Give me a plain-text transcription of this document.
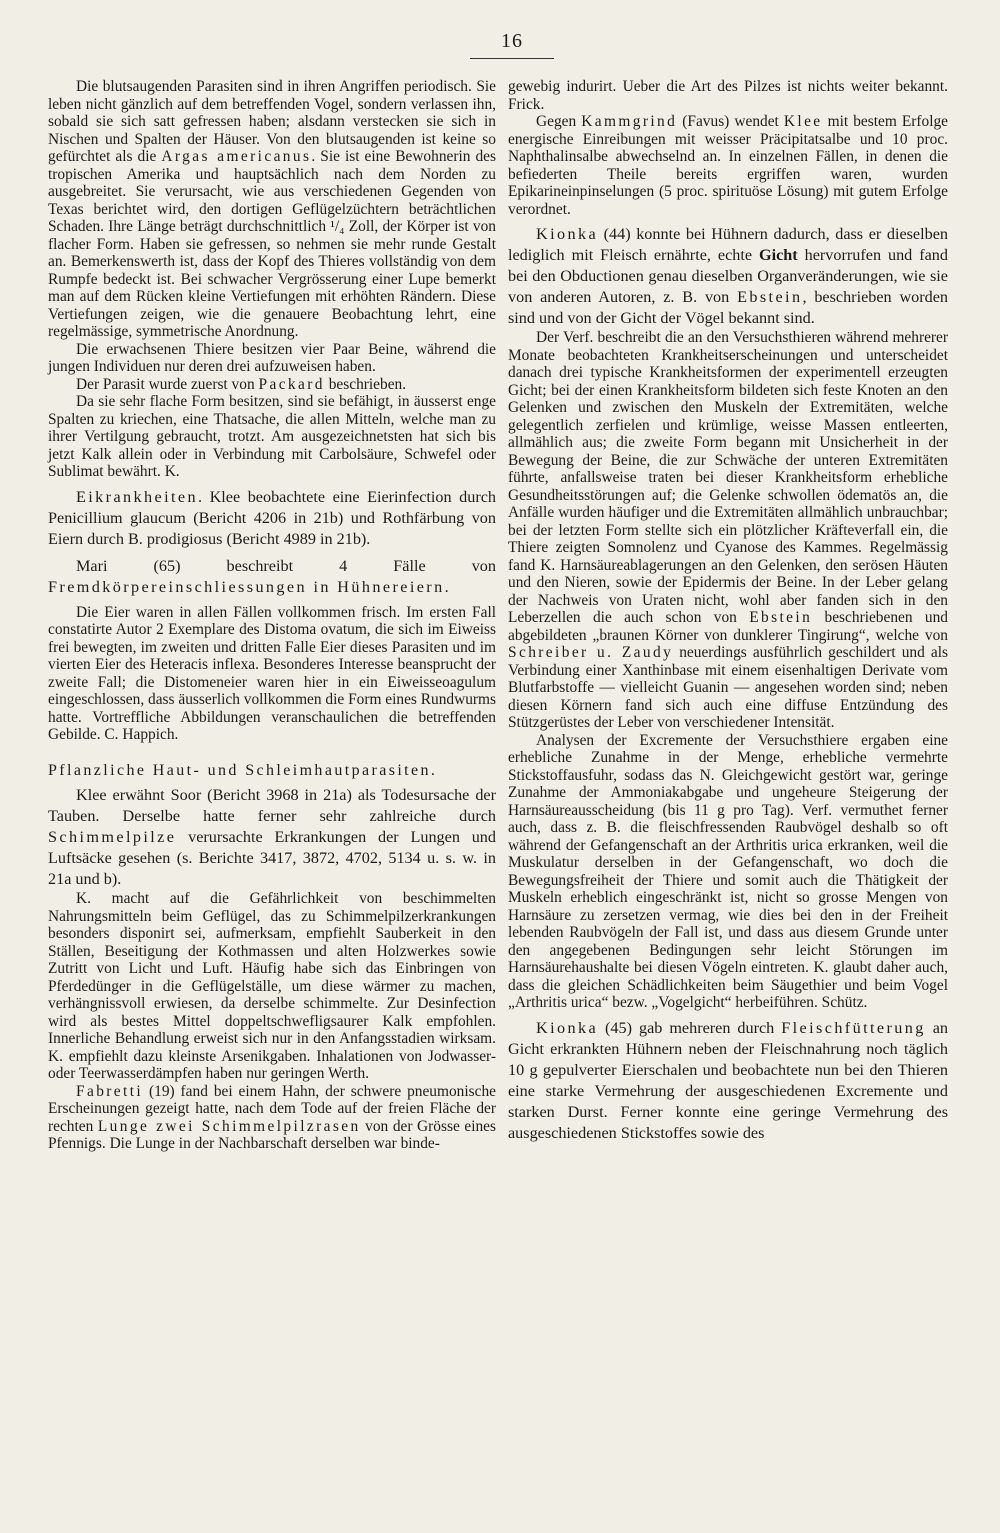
16

Die blutsaugenden Parasiten sind in ihren Angriffen periodisch. Sie leben nicht gänzlich auf dem betreffenden Vogel, sondern verlassen ihn, sobald sie sich satt gefressen haben; alsdann verstecken sie sich in Nischen und Spalten der Häuser. Von den blutsaugenden ist keine so gefürchtet als die Argas americanus. Sie ist eine Bewohnerin des tropischen Amerika und hauptsächlich nach dem Norden zu ausgebreitet. Sie verursacht, wie aus verschiedenen Gegenden von Texas berichtet wird, den dortigen Geflügelzüchtern beträchtlichen Schaden. Ihre Länge beträgt durchschnittlich ¹/₄ Zoll, der Körper ist von flacher Form. Haben sie gefressen, so nehmen sie mehr runde Gestalt an. Bemerkenswerth ist, dass der Kopf des Thieres vollständig von dem Rumpfe bedeckt ist. Bei schwacher Vergrösserung einer Lupe bemerkt man auf dem Rücken kleine Vertiefungen mit erhöhten Rändern. Diese Vertiefungen zeigen, wie die genauere Beobachtung lehrt, eine regelmässige, symmetrische Anordnung.

Die erwachsenen Thiere besitzen vier Paar Beine, während die jungen Individuen nur deren drei aufzuweisen haben.

Der Parasit wurde zuerst von Packard beschrieben.

Da sie sehr flache Form besitzen, sind sie befähigt, in äusserst enge Spalten zu kriechen, eine Thatsache, die allen Mitteln, welche man zu ihrer Vertilgung gebraucht, trotzt. Am ausgezeichnetsten hat sich bis jetzt Kalk allein oder in Verbindung mit Carbolsäure, Schwefel oder Sublimat bewährt. K.

Eikrankheiten. Klee beobachtete eine Eierinfection durch Penicillium glaucum (Bericht 4206 in 21b) und Rothfärbung von Eiern durch B. prodigiosus (Bericht 4989 in 21b).

Mari (65) beschreibt 4 Fälle von Fremdkörpereinschliessungen in Hühnereiern.

Die Eier waren in allen Fällen vollkommen frisch. Im ersten Fall constatirte Autor 2 Exemplare des Distoma ovatum, die sich im Eiweiss frei bewegten, im zweiten und dritten Falle Eier dieses Parasiten und im vierten Eier des Heteracis inflexa. Besonderes Interesse beansprucht der zweite Fall; die Distomeneier waren hier in ein Eiweisseoagulum eingeschlossen, dass äusserlich vollkommen die Form eines Rundwurms hatte. Vortreffliche Abbildungen veranschaulichen die betreffenden Gebilde. C. Happich.

Pflanzliche Haut- und Schleimhautparasiten.

Klee erwähnt Soor (Bericht 3968 in 21a) als Todesursache der Tauben. Derselbe hatte ferner sehr zahlreiche durch Schimmelpilze verursachte Erkrankungen der Lungen und Luftsäcke gesehen (s. Berichte 3417, 3872, 4702, 5134 u. s. w. in 21a und b).

K. macht auf die Gefährlichkeit von beschimmelten Nahrungsmitteln beim Geflügel, das zu Schimmelpilzerkrankungen besonders disponirt sei, aufmerksam, empfiehlt Sauberkeit in den Ställen, Beseitigung der Kothmassen und alten Holzwerkes sowie Zutritt von Licht und Luft. Häufig habe sich das Einbringen von Pferdedünger in die Geflügelställe, um diese wärmer zu machen, verhängnissvoll erwiesen, da derselbe schimmelte. Zur Desinfection wird als bestes Mittel doppeltschwefligsaurer Kalk empfohlen. Innerliche Behandlung erweist sich nur in den Anfangsstadien wirksam. K. empfiehlt dazu kleinste Arsenikgaben. Inhalationen von Jodwasser- oder Teerwasserdämpfen haben nur geringen Werth.

Fabretti (19) fand bei einem Hahn, der schwere pneumonische Erscheinungen gezeigt hatte, nach dem Tode auf der freien Fläche der rechten Lunge zwei Schimmelpilzrasen von der Grösse eines Pfennigs. Die Lunge in der Nachbarschaft derselben war binde-

gewebig indurirt. Ueber die Art des Pilzes ist nichts weiter bekannt. Frick.

Gegen Kammgrind (Favus) wendet Klee mit bestem Erfolge energische Einreibungen mit weisser Präcipitatsalbe und 10 proc. Naphthalinsalbe abwechselnd an. In einzelnen Fällen, in denen die befiederten Theile bereits ergriffen waren, wurden Epikarineinpinselungen (5 proc. spirituöse Lösung) mit gutem Erfolge verordnet.

Kionka (44) konnte bei Hühnern dadurch, dass er dieselben lediglich mit Fleisch ernährte, echte Gicht hervorrufen und fand bei den Obductionen genau dieselben Organveränderungen, wie sie von anderen Autoren, z. B. von Ebstein, beschrieben worden sind und von der Gicht der Vögel bekannt sind.

Der Verf. beschreibt die an den Versuchsthieren während mehrerer Monate beobachteten Krankheitserscheinungen und unterscheidet danach drei typische Krankheitsformen der experimentell erzeugten Gicht; bei der einen Krankheitsform bildeten sich feste Knoten an den Gelenken und zwischen den Muskeln der Extremitäten, welche gelegentlich zerfielen und krümlige, weisse Massen entleerten, allmählich aus; die zweite Form begann mit Unsicherheit in der Bewegung der Beine, die zur Schwäche der unteren Extremitäten führte, anfallsweise traten bei dieser Krankheitsform erhebliche Gesundheitsstörungen auf; die Gelenke schwollen ödematös an, die Anfälle wurden häufiger und die Extremitäten allmählich unbrauchbar; bei der letzten Form stellte sich ein plötzlicher Kräfteverfall ein, die Thiere zeigten Somnolenz und Cyanose des Kammes. Regelmässig fand K. Harnsäureablagerungen an den Gelenken, den serösen Häuten und den Nieren, sowie der Epidermis der Beine. In der Leber gelang der Nachweis von Uraten nicht, wohl aber fanden sich in den Leberzellen die auch schon von Ebstein beschriebenen und abgebildeten „braunen Körner von dunklerer Tingirung“, welche von Schreiber u. Zaudy neuerdings ausführlich geschildert und als Verbindung einer Xanthinbase mit einem eisenhaltigen Derivate vom Blutfarbstoffe — vielleicht Guanin — angesehen worden sind; neben diesen Körnern fand sich auch eine diffuse Entzündung des Stützgerüstes der Leber von verschiedener Intensität.

Analysen der Excremente der Versuchsthiere ergaben eine erhebliche Zunahme in der Menge, erhebliche vermehrte Stickstoffausfuhr, sodass das N. Gleichgewicht gestört war, geringe Zunahme der Ammoniakabgabe und ungeheure Steigerung der Harnsäureausscheidung (bis 11 g pro Tag). Verf. vermuthet ferner auch, dass z. B. die fleischfressenden Raubvögel deshalb so oft während der Gefangenschaft an der Arthritis urica erkranken, weil die Muskulatur derselben in der Gefangenschaft, wo doch die Bewegungsfreiheit der Thiere und somit auch die Thätigkeit der Muskeln erheblich eingeschränkt ist, nicht so grosse Mengen von Harnsäure zu zersetzen vermag, wie dies bei den in der Freiheit lebenden Raubvögeln der Fall ist, und dass aus diesem Grunde unter den angegebenen Bedingungen sehr leicht Störungen im Harnsäurehaushalte bei diesen Vögeln eintreten. K. glaubt daher auch, dass die gleichen Schädlichkeiten beim Säugethier und beim Vogel „Arthritis urica“ bezw. „Vogelgicht“ herbeiführen. Schütz.

Kionka (45) gab mehreren durch Fleischfütterung an Gicht erkrankten Hühnern neben der Fleischnahrung noch täglich 10 g gepulverter Eierschalen und beobachtete nun bei den Thieren eine starke Vermehrung der ausgeschiedenen Excremente und starken Durst. Ferner konnte eine geringe Vermehrung des ausgeschiedenen Stickstoffes sowie des
